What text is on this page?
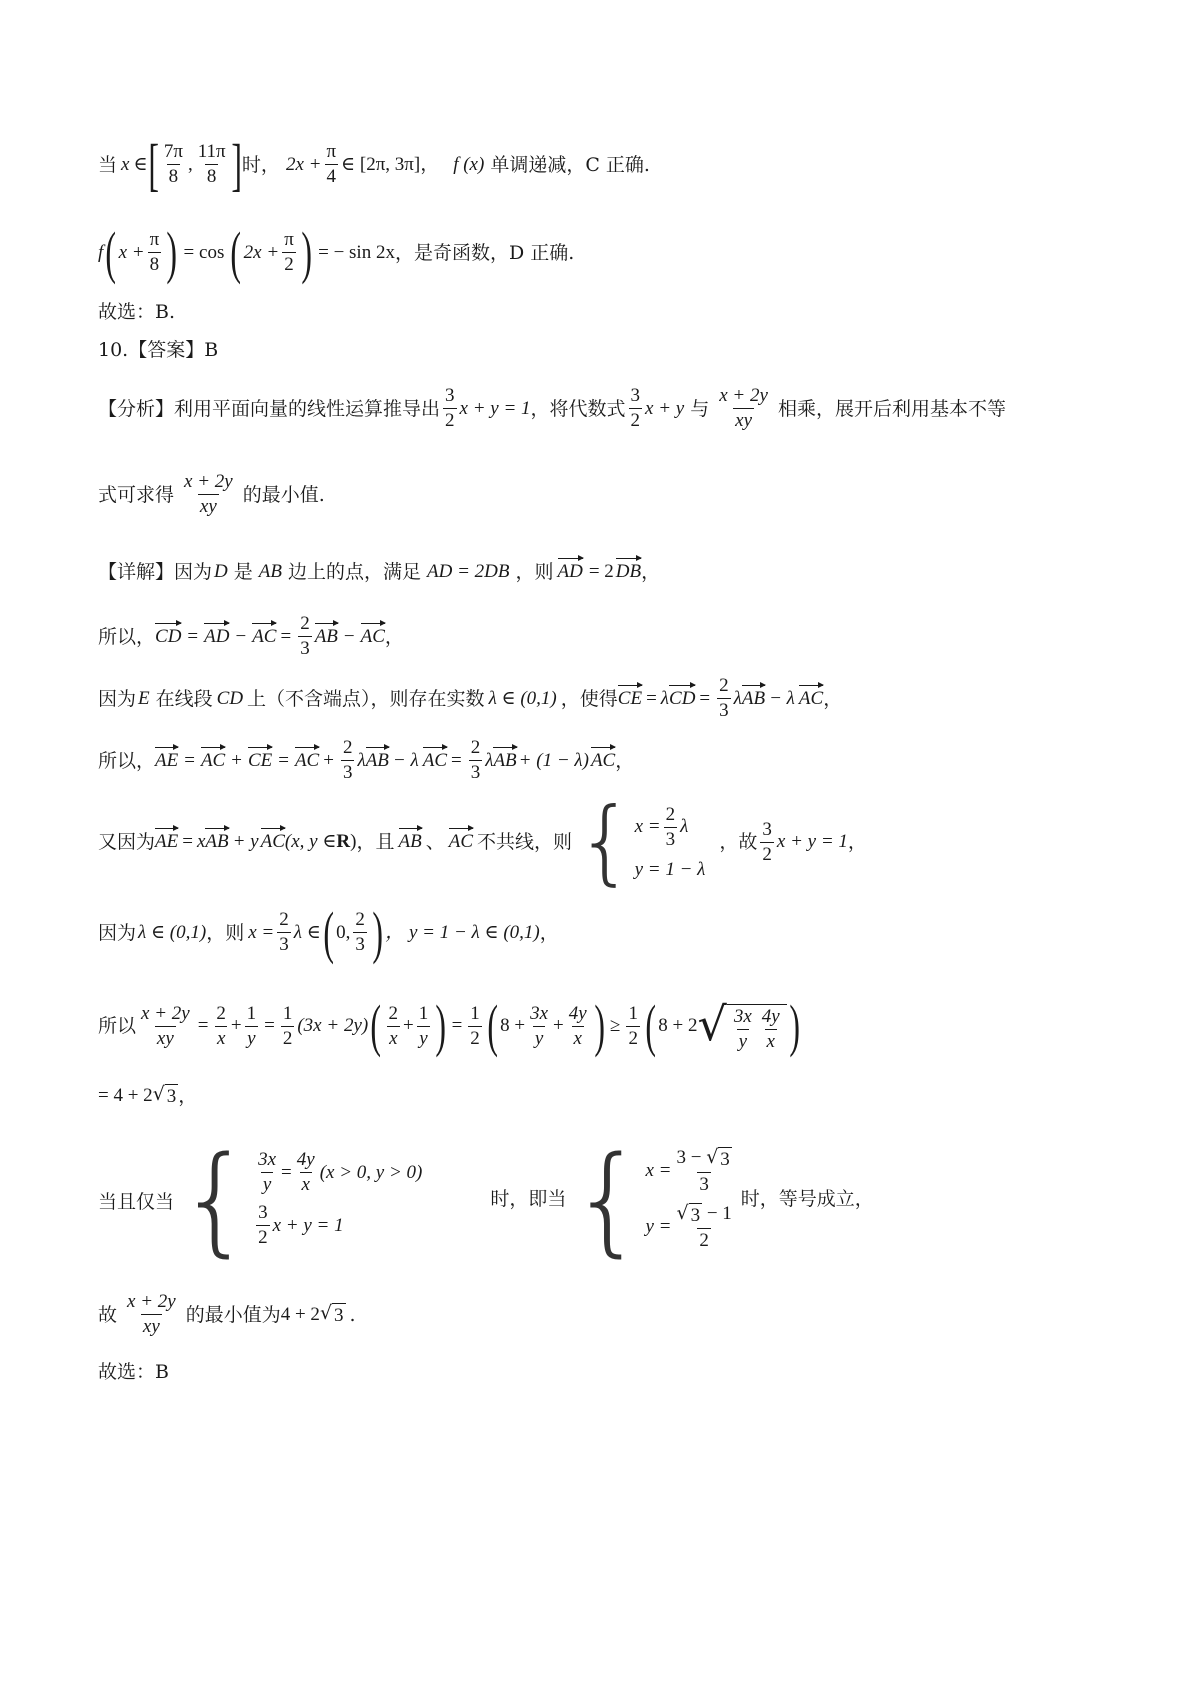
当 x ∈ [ $\frac{7\pi}{8}$ , $\frac{11\pi}{8}$ ] 时， $2x + \frac{\pi}{4}$ ∈ [2π, 3π]， f (x) 单调递减，C 正确.
f ( $x + \frac{\pi}{8}$ ) = cos ( $2x + \frac{\pi}{2}$ ) = − sin 2x ，是奇函数，D 正确.
故选：B.
10.【答案】B
【分析】利用平面向量的线性运算推导出 $\frac{3}{2}$ x + y = 1 ，将代数式 $\frac{3}{2}$ x + y 与 $\frac{x + 2y}{xy}$ 相乘，展开后利用基本不等
式可求得 $\frac{x + 2y}{xy}$ 的最小值.
【详解】因为 D 是 AB 边上的点，满足 AD = 2DB ，则 AD = 2 DB ，
所以， CD = AD − AC = $\frac{2}{3}$ AB − AC ，
因为 E 在线段 CD 上（不含端点），则存在实数 λ ∈ (0,1) ，使得 CE = λ CD = $\frac{2}{3}$ λ AB − λ AC ，
所以， AE = AC + CE = AC + $\frac{2}{3}$ λ AB − λ AC = $\frac{2}{3}$ λ AB + (1 − λ) AC ，
又因为 AE = x AB + y AC (x, y ∈ R ) ，且 AB 、 AC 不共线，则 { $x = \frac{2}{3}$ λ
y = 1 − λ
，故 $\frac{3}{2}$ x + y = 1 ，
因为 λ ∈ (0,1) ，则 $x = \frac{2}{3}$ λ ∈ ( 0, $\frac{2}{3}$ ) ， y = 1 − λ ∈ (0,1) ，
所以 $\frac{x + 2y}{xy} = \frac{2}{x} + \frac{1}{y} = \frac{1}{2} (3x + 2y)$ ( $\frac{2}{x} + \frac{1}{y}$ ) = $\frac{1}{2}$ ( $8 + \frac{3x}{y} + \frac{4y}{x}$ ) ≥ $\frac{1}{2}$ ( 8 + 2 √ $\frac{3x}{y} \frac{4y}{x}$ )
= 4 + 2 √ 3 ，
当且仅当 { $\frac{3x}{y} = \frac{4y}{x} (x > 0$, y > 0)
$\frac{3}{2}$ x + y = 1
时，即当 { $x = \frac{3 - √ 3}{3}$
$y = \frac{√ 3 - 1}{2}$
时，等号成立，
故 $\frac{x + 2y}{xy}$ 的最小值为 4 + 2 √ 3 .
故选：B
